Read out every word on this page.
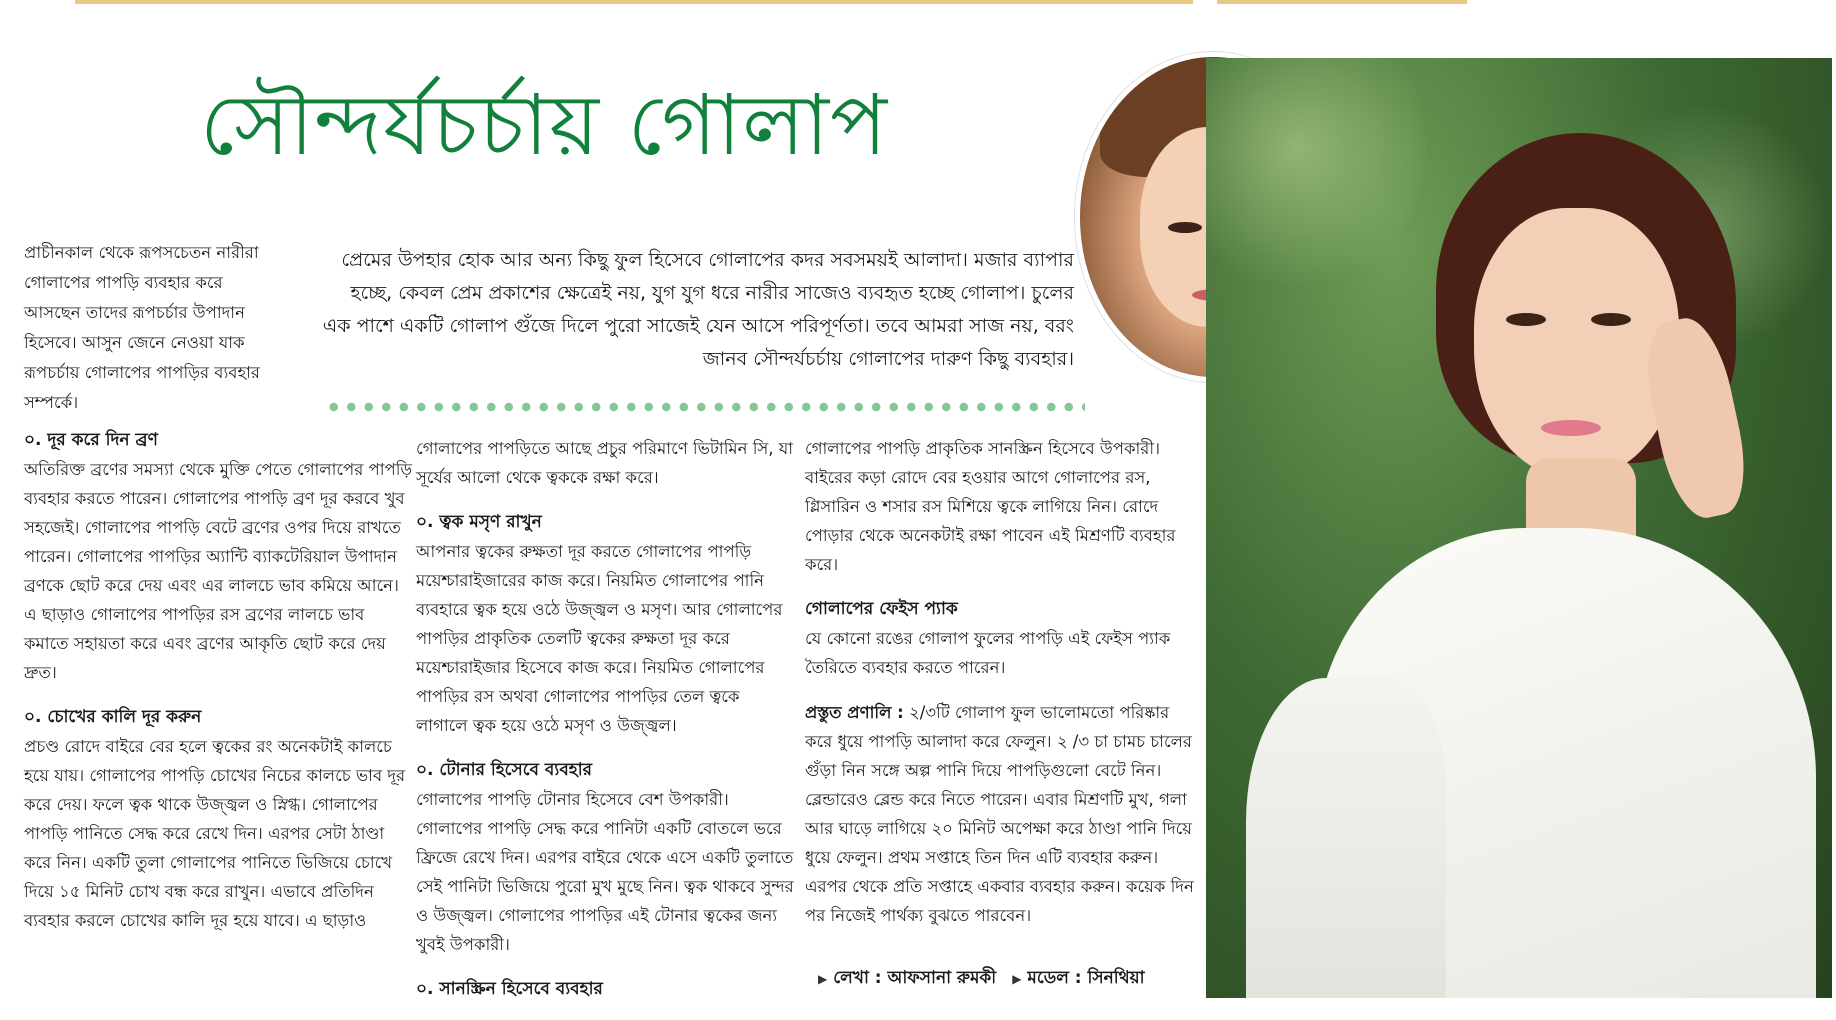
সৌন্দর্যচর্চায় গোলাপ
প্রাচীনকাল থেকে রূপসচেতন নারীরা গোলাপের পাপড়ি ব্যবহার করে আসছেন তাদের রূপচর্চার উপাদান হিসেবে। আসুন জেনে নেওয়া যাক রূপচর্চায় গোলাপের পাপড়ির ব্যবহার সম্পর্কে।
প্রেমের উপহার হোক আর অন্য কিছু ফুল হিসেবে গোলাপের কদর সবসময়ই আলাদা। মজার ব্যাপার হচ্ছে, কেবল প্রেম প্রকাশের ক্ষেত্রেই নয়, যুগ যুগ ধরে নারীর সাজেও ব্যবহৃত হচ্ছে গোলাপ। চুলের এক পাশে একটি গোলাপ গুঁজে দিলে পুরো সাজেই যেন আসে পরিপূর্ণতা। তবে আমরা সাজ নয়, বরং জানব সৌন্দর্যচর্চায় গোলাপের দারুণ কিছু ব্যবহার।
০. দূর করে দিন ব্রণ

অতিরিক্ত ব্রণের সমস্যা থেকে মুক্তি পেতে গোলাপের পাপড়ি ব্যবহার করতে পারেন। গোলাপের পাপড়ি ব্রণ দূর করবে খুব সহজেই। গোলাপের পাপড়ি বেটে ব্রণের ওপর দিয়ে রাখতে পারেন। গোলাপের পাপড়ির অ্যান্টি ব্যাকটেরিয়াল উপাদান ব্রণকে ছোট করে দেয় এবং এর লালচে ভাব কমিয়ে আনে। এ ছাড়াও গোলাপের পাপড়ির রস ব্রণের লালচে ভাব কমাতে সহায়তা করে এবং ব্রণের আকৃতি ছোট করে দেয় দ্রুত।

০. চোখের কালি দূর করুন

প্রচণ্ড রোদে বাইরে বের হলে ত্বকের রং অনেকটাই কালচে হয়ে যায়। গোলাপের পাপড়ি চোখের নিচের কালচে ভাব দূর করে দেয়। ফলে ত্বক থাকে উজ্জ্বল ও স্নিগ্ধ। গোলাপের পাপড়ি পানিতে সেদ্ধ করে রেখে দিন। এরপর সেটা ঠাণ্ডা করে নিন। একটি তুলা গোলাপের পানিতে ভিজিয়ে চোখে দিয়ে ১৫ মিনিট চোখ বন্ধ করে রাখুন। এভাবে প্রতিদিন ব্যবহার করলে চোখের কালি দূর হয়ে যাবে। এ ছাড়াও

গোলাপের পাপড়িতে আছে প্রচুর পরিমাণে ভিটামিন সি, যা সূর্যের আলো থেকে ত্বককে রক্ষা করে।

০. ত্বক মসৃণ রাখুন

আপনার ত্বকের রুক্ষতা দূর করতে গোলাপের পাপড়ি ময়েশ্চারাইজারের কাজ করে। নিয়মিত গোলাপের পানি ব্যবহারে ত্বক হয়ে ওঠে উজ্জ্বল ও মসৃণ। আর গোলাপের পাপড়ির প্রাকৃতিক তেলটি ত্বকের রুক্ষতা দূর করে ময়েশ্চারাইজার হিসেবে কাজ করে। নিয়মিত গোলাপের পাপড়ির রস অথবা গোলাপের পাপড়ির তেল ত্বকে লাগালে ত্বক হয়ে ওঠে মসৃণ ও উজ্জ্বল।

০. টোনার হিসেবে ব্যবহার

গোলাপের পাপড়ি টোনার হিসেবে বেশ উপকারী। গোলাপের পাপড়ি সেদ্ধ করে পানিটা একটি বোতলে ভরে ফ্রিজে রেখে দিন। এরপর বাইরে থেকে এসে একটি তুলাতে সেই পানিটা ভিজিয়ে পুরো মুখ মুছে নিন। ত্বক থাকবে সুন্দর ও উজ্জ্বল। গোলাপের পাপড়ির এই টোনার ত্বকের জন্য খুবই উপকারী।

০. সানস্ক্রিন হিসেবে ব্যবহার

গোলাপের পাপড়ি প্রাকৃতিক সানস্ক্রিন হিসেবে উপকারী। বাইরের কড়া রোদে বের হওয়ার আগে গোলাপের রস, গ্লিসারিন ও শসার রস মিশিয়ে ত্বকে লাগিয়ে নিন। রোদে পোড়ার থেকে অনেকটাই রক্ষা পাবেন এই মিশ্রণটি ব্যবহার করে।

গোলাপের ফেইস প্যাক

যে কোনো রঙের গোলাপ ফুলের পাপড়ি এই ফেইস প্যাক তৈরিতে ব্যবহার করতে পারেন।

প্রস্তুত প্রণালি : ২/৩টি গোলাপ ফুল ভালোমতো পরিষ্কার করে ধুয়ে পাপড়ি আলাদা করে ফেলুন। ২ /৩ চা চামচ চালের গুঁড়া নিন সঙ্গে অল্প পানি দিয়ে পাপড়িগুলো বেটে নিন। ব্লেন্ডারেও ব্লেন্ড করে নিতে পারেন। এবার মিশ্রণটি মুখ, গলা আর ঘাড়ে লাগিয়ে ২০ মিনিট অপেক্ষা করে ঠাণ্ডা পানি দিয়ে ধুয়ে ফেলুন। প্রথম সপ্তাহে তিন দিন এটি ব্যবহার করুন। এরপর থেকে প্রতি সপ্তাহে একবার ব্যবহার করুন। কয়েক দিন পর নিজেই পার্থক্য বুঝতে পারবেন।

▶ লেখা : আফসানা রুমকী ▶ মডেল : সিনথিয়া
